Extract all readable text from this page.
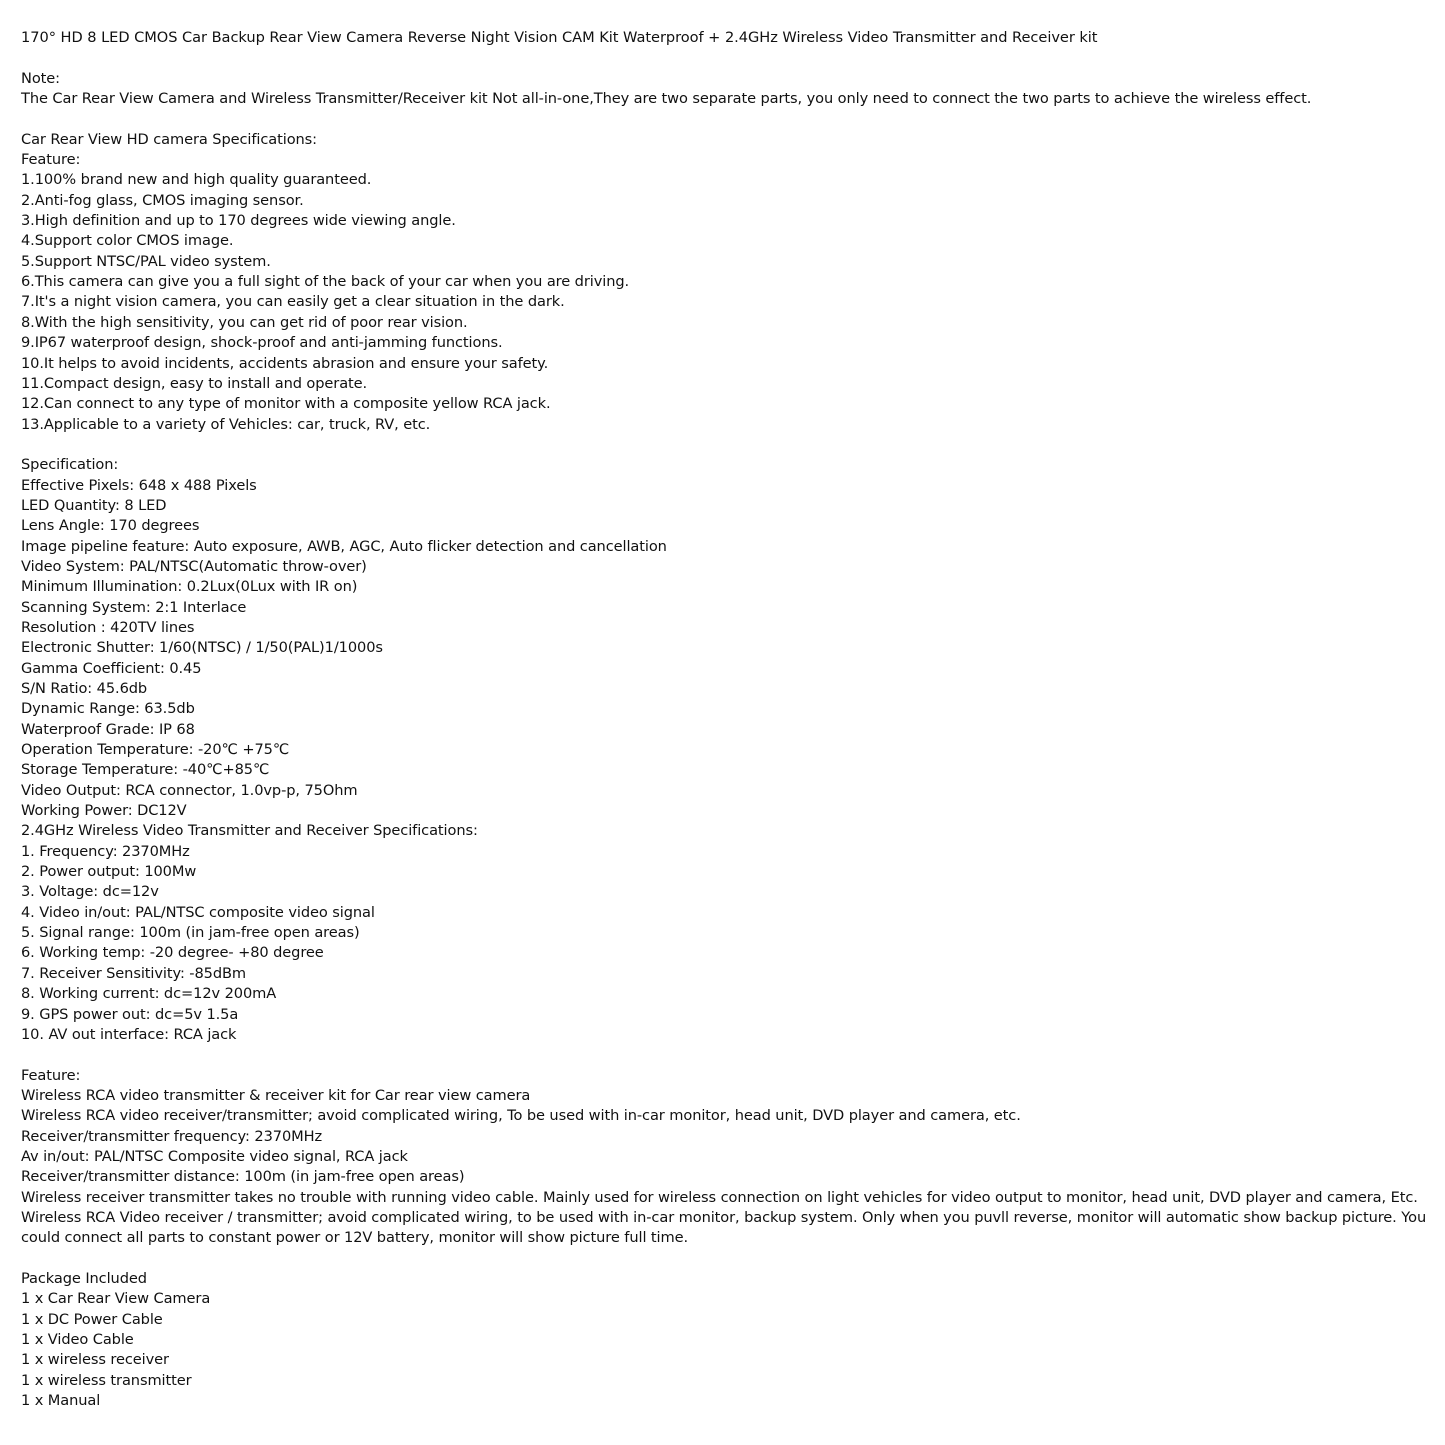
170° HD 8 LED CMOS Car Backup Rear View Camera Reverse Night Vision CAM Kit Waterproof + 2.4GHz Wireless Video Transmitter and Receiver kit
Note:
The Car Rear View Camera and Wireless Transmitter/Receiver kit Not all-in-one,They are two separate parts, you only need to connect the two parts to achieve the wireless effect.
Car Rear View HD camera Specifications:
Feature:
1.100% brand new and high quality guaranteed.
2.Anti-fog glass, CMOS imaging sensor.
3.High definition and up to 170 degrees wide viewing angle.
4.Support color CMOS image.
5.Support NTSC/PAL video system.
6.This camera can give you a full sight of the back of your car when you are driving.
7.It's a night vision camera, you can easily get a clear situation in the dark.
8.With the high sensitivity, you can get rid of poor rear vision.
9.IP67 waterproof design, shock-proof and anti-jamming functions.
10.It helps to avoid incidents, accidents abrasion and ensure your safety.
11.Compact design, easy to install and operate.
12.Can connect to any type of monitor with a composite yellow RCA jack.
13.Applicable to a variety of Vehicles: car, truck, RV, etc.
Specification:
Effective Pixels: 648 x 488 Pixels
LED Quantity: 8 LED
Lens Angle: 170 degrees
Image pipeline feature: Auto exposure, AWB, AGC, Auto flicker detection and cancellation
Video System: PAL/NTSC(Automatic throw-over)
Minimum Illumination: 0.2Lux(0Lux with IR on)
Scanning System: 2:1 Interlace
Resolution : 420TV lines
Electronic Shutter: 1/60(NTSC) / 1/50(PAL)1/1000s
Gamma Coefficient: 0.45
S/N Ratio: 45.6db
Dynamic Range: 63.5db
Waterproof Grade: IP 68
Operation Temperature: -20℃ +75℃
Storage Temperature: -40℃+85℃
Video Output: RCA connector, 1.0vp-p, 75Ohm
Working Power: DC12V
2.4GHz Wireless Video Transmitter and Receiver Specifications:
1. Frequency: 2370MHz
2. Power output: 100Mw
3. Voltage: dc=12v
4. Video in/out: PAL/NTSC composite video signal
5. Signal range: 100m (in jam-free open areas)
6. Working temp: -20 degree- +80 degree
7. Receiver Sensitivity: -85dBm
8. Working current: dc=12v 200mA
9. GPS power out: dc=5v 1.5a
10. AV out interface: RCA jack
Feature:
Wireless RCA video transmitter & receiver kit for Car rear view camera
Wireless RCA video receiver/transmitter; avoid complicated wiring, To be used with in-car monitor, head unit, DVD player and camera, etc.
Receiver/transmitter frequency: 2370MHz
Av in/out: PAL/NTSC Composite video signal, RCA jack
Receiver/transmitter distance: 100m (in jam-free open areas)
Wireless receiver transmitter takes no trouble with running video cable. Mainly used for wireless connection on light vehicles for video output to monitor, head unit, DVD player and camera, Etc.
Wireless RCA Video receiver / transmitter; avoid complicated wiring, to be used with in-car monitor, backup system. Only when you puvll reverse, monitor will automatic show backup picture. You could connect all parts to constant power or 12V battery, monitor will show picture full time.
Package Included
1 x Car Rear View Camera
1 x DC Power Cable
1 x Video Cable
1 x wireless receiver
1 x wireless transmitter
1 x Manual
